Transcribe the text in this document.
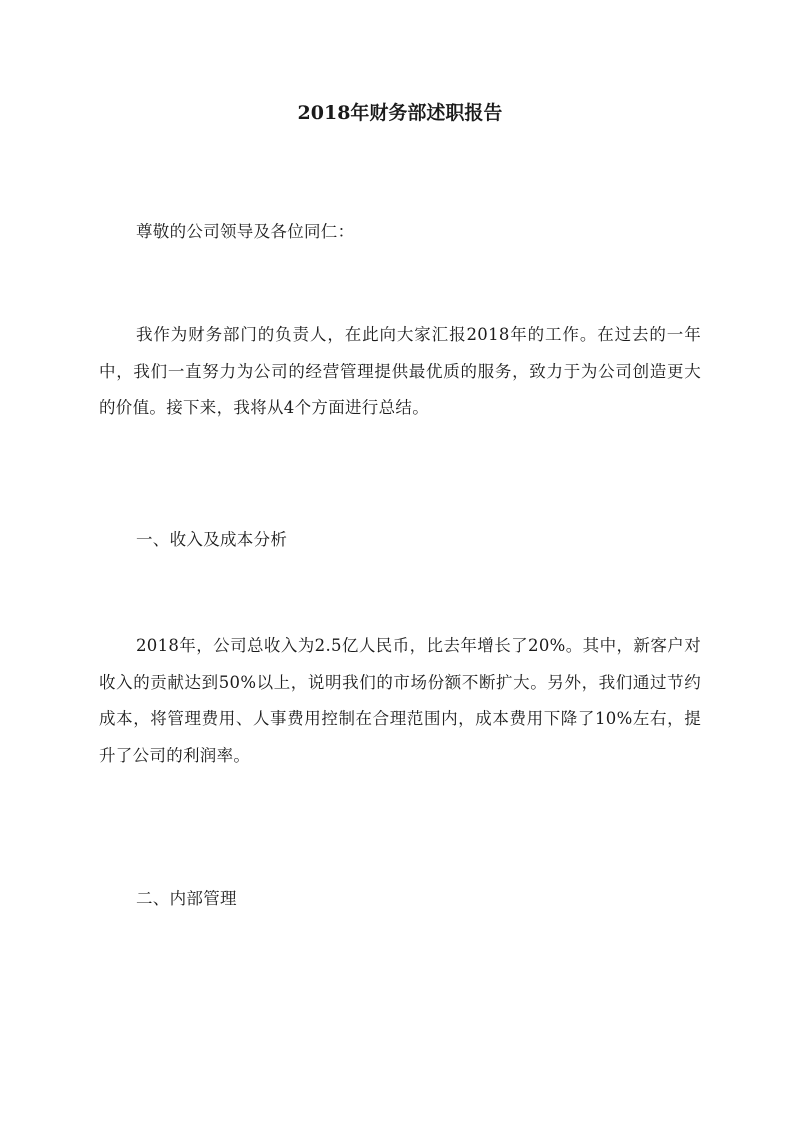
2018年财务部述职报告

尊敬的公司领导及各位同仁：

我作为财务部门的负责人，在此向大家汇报2018年的工作。在过去的一年中，我们一直努力为公司的经营管理提供最优质的服务，致力于为公司创造更大的价值。接下来，我将从4个方面进行总结。

一、收入及成本分析

2018年，公司总收入为2.5亿人民币，比去年增长了20%。其中，新客户对收入的贡献达到50%以上，说明我们的市场份额不断扩大。另外，我们通过节约成本，将管理费用、人事费用控制在合理范围内，成本费用下降了10%左右，提升了公司的利润率。

二、内部管理
